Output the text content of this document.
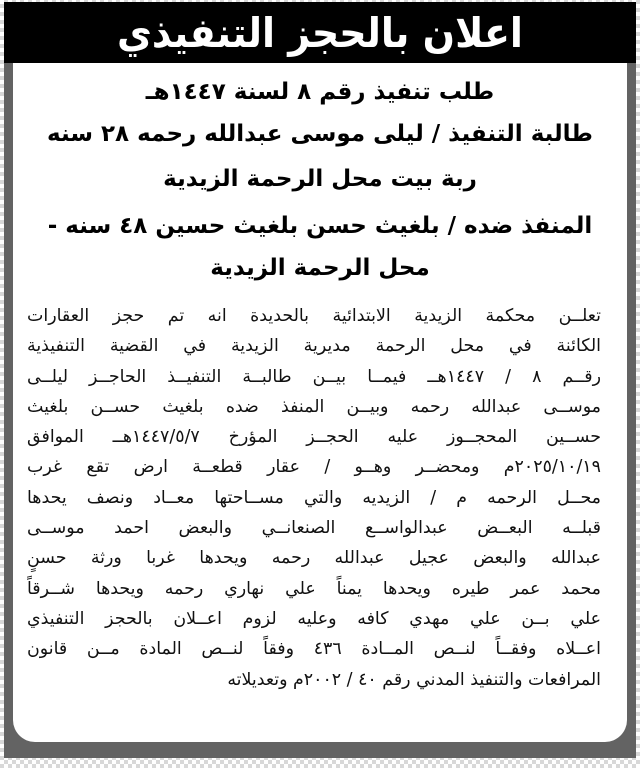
اعلان بالحجز التنفيذي
طلب تنفيذ رقم ٨ لسنة ١٤٤٧هـ
طالبة التنفيذ / ليلى موسى عبدالله رحمه ٢٨ سنه
ربة بيت محل الرحمة الزيدية
المنفذ ضده / بلغيث حسن بلغيث حسين ٤٨ سنه -
محل الرحمة الزيدية
تعلــن محكمة الزيدية الابتدائية بالحديدة انه تم حجز العقارات
الكائنة في محل الرحمة مديرية الزيدية في القضية التنفيذية
رقــم ٨ / ١٤٤٧هــ فيمــا بيــن طالبــة التنفيــذ الحاجــز ليلــى
موســى عبدالله رحمه وبيــن المنفذ ضده بلغيث حســن بلغيث
حســين المحجــوز عليه الحجــز المؤرخ ١٤٤٧/٥/٧هــ الموافق
٢٠٢٥/١٠/١٩م ومحضــر وهــو / عقار قطعــة ارض تقع غرب
محــل الرحمه م / الزيديه والتي مســاحتها معــاد ونصف يحدها
قبلــه البعــض عبدالواســع الصنعانــي والبعض احمد موســى
عبدالله والبعض عجيل عبدالله رحمه ويحدها غربا ورثة حسنٍ
محمد عمر طيره ويحدها يمناً علي نهاري رحمه ويحدها شــرقاً
علي بــن علي مهدي كافه وعليه لزوم اعــلان بالحجز التنفيذي
اعــلاه وفقــاً لنــص المــادة ٤٣٦ وفقاً لنــص المادة مــن قانون
المرافعات والتنفيذ المدني رقم ٤٠ / ٢٠٠٢م وتعديلاته
